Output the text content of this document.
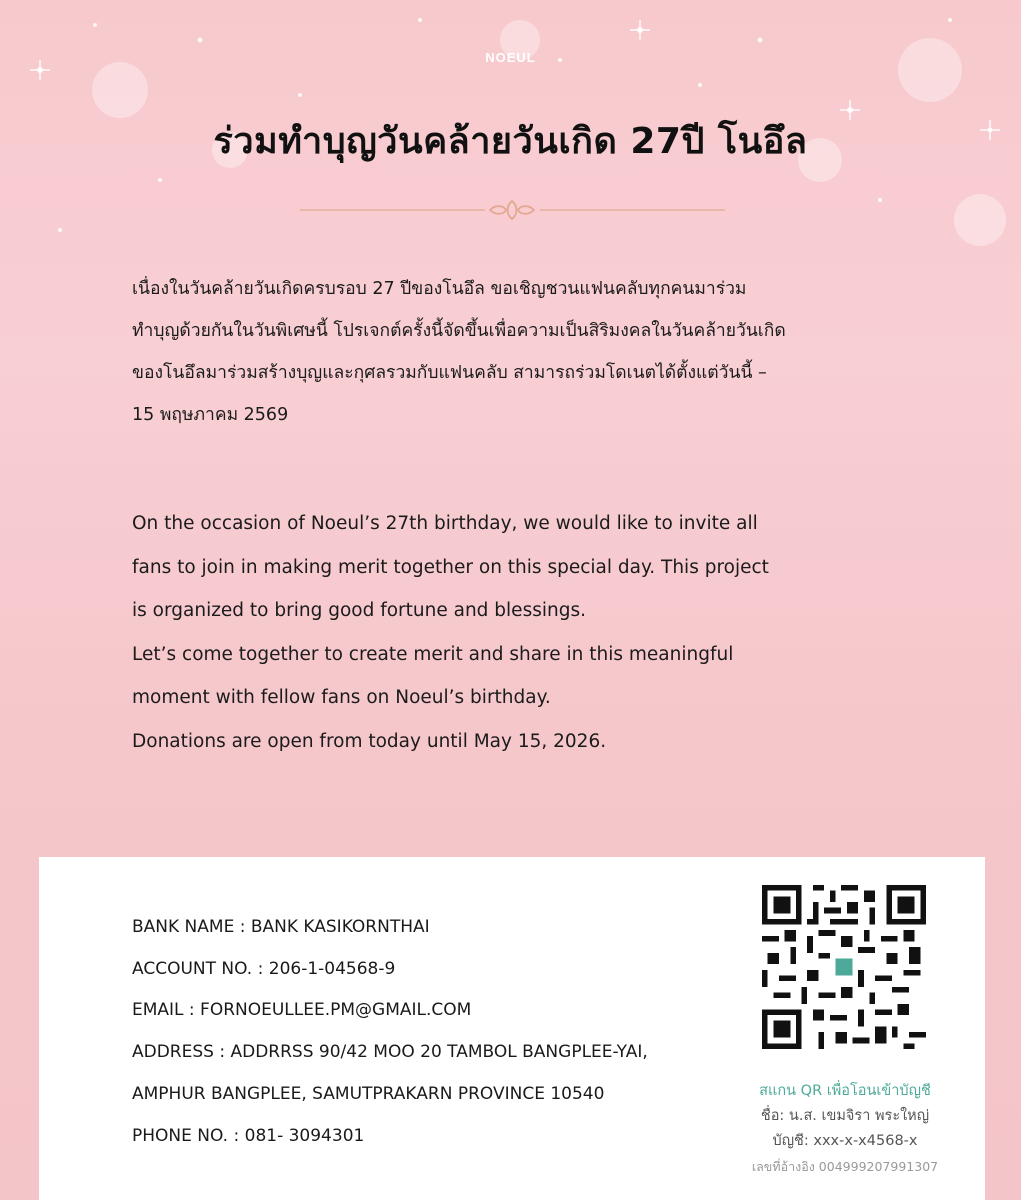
NOEUL
ร่วมทำบุญวันคล้ายวันเกิด 27ปี โนอึล

เนื่องในวันคล้ายวันเกิดครบรอบ 27 ปีของโนอึล ขอเชิญชวนแฟนคลับทุกคนมาร่วม

ทำบุญด้วยกันในวันพิเศษนี้ โปรเจกต์ครั้งนี้จัดขึ้นเพื่อความเป็นสิริมงคลในวันคล้ายวันเกิด

ของโนอึลมาร่วมสร้างบุญและกุศลรวมกับแฟนคลับ สามารถร่วมโดเนตได้ตั้งแต่วันนี้ –

15 พฤษภาคม 2569

On the occasion of Noeul’s 27th birthday, we would like to invite all

fans to join in making merit together on this special day. This project

is organized to bring good fortune and blessings.

Let’s come together to create merit and share in this meaningful

moment with fellow fans on Noeul’s birthday.

Donations are open from today until May 15, 2026.

BANK NAME : BANK KASIKORNTHAI
ACCOUNT NO. : 206-1-04568-9
EMAIL : FORNOEULLEE.PM@GMAIL.COM
ADDRESS : ADDRRSS 90/42 MOO 20 TAMBOL BANGPLEE-YAI,
AMPHUR BANGPLEE, SAMUTPRAKARN PROVINCE 10540
PHONE NO. : 081- 3094301
สแกน QR เพื่อโอนเข้าบัญชี
ชื่อ: น.ส. เขมจิรา พระใหญ่
บัญชี: xxx-x-x4568-x
เลขที่อ้างอิง 004999207991307
